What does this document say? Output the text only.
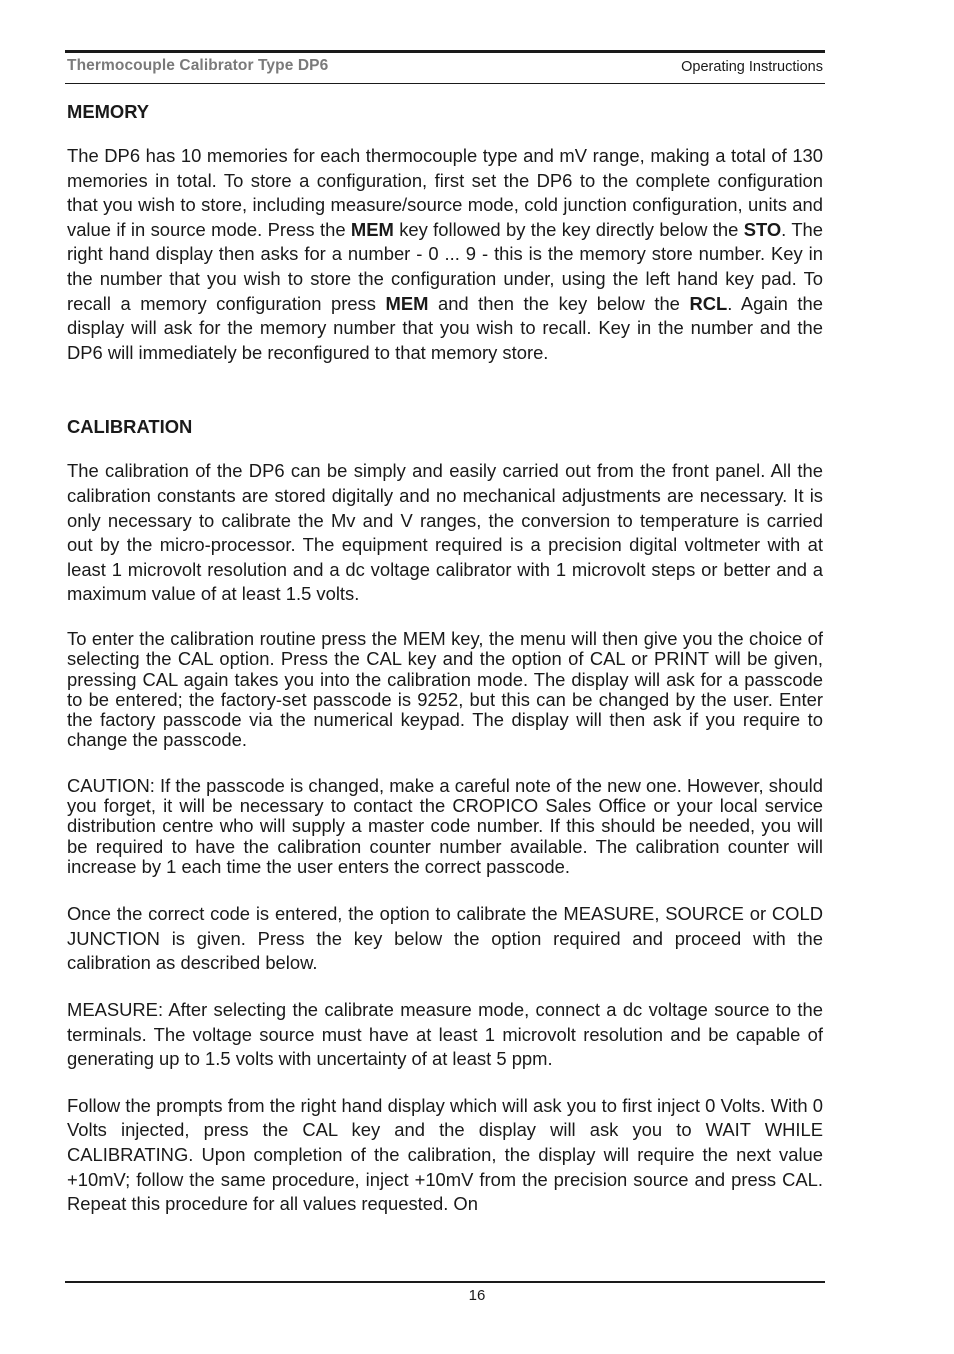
Thermocouple Calibrator Type DP6	Operating Instructions
MEMORY

The DP6 has 10 memories for each thermocouple type and mV range, making a total of 130 memories in total. To store a configuration, first set the DP6 to the complete configuration that you wish to store, including measure/source mode, cold junction configuration, units and value if in source mode. Press the MEM key followed by the key directly below the STO. The right hand display then asks for a number - 0 ... 9 - this is the memory store number. Key in the number that you wish to store the configuration under, using the left hand key pad. To recall a memory configuration press MEM and then the key below the RCL. Again the display will ask for the memory number that you wish to recall. Key in the number and the DP6 will immediately be reconfigured to that memory store.

CALIBRATION

The calibration of the DP6 can be simply and easily carried out from the front panel. All the calibration constants are stored digitally and no mechanical adjustments are necessary. It is only necessary to calibrate the Mv and V ranges, the conversion to temperature is carried out by the micro-processor. The equipment required is a precision digital voltmeter with at least 1 microvolt resolution and a dc voltage calibrator with 1 microvolt steps or better and a maximum value of at least 1.5 volts.

To enter the calibration routine press the MEM key, the menu will then give you the choice of selecting the CAL option. Press the CAL key and the option of CAL or PRINT will be given, pressing CAL again takes you into the calibration mode. The display will ask for a passcode to be entered; the factory-set passcode is 9252, but this can be changed by the user. Enter the factory passcode via the numerical keypad. The display will then ask if you require to change the passcode.

CAUTION: If the passcode is changed, make a careful note of the new one. However, should you forget, it will be necessary to contact the CROPICO Sales Office or your local service distribution centre who will supply a master code number. If this should be needed, you will be required to have the calibration counter number available. The calibration counter will increase by 1 each time the user enters the correct passcode.

Once the correct code is entered, the option to calibrate the MEASURE, SOURCE or COLD JUNCTION is given. Press the key below the option required and proceed with the calibration as described below.

MEASURE: After selecting the calibrate measure mode, connect a dc voltage source to the terminals. The voltage source must have at least 1 microvolt resolution and be capable of generating up to 1.5 volts with uncertainty of at least 5 ppm.

Follow the prompts from the right hand display which will ask you to first inject 0 Volts. With 0 Volts injected, press the CAL key and the display will ask you to WAIT WHILE CALIBRATING. Upon completion of the calibration, the display will require the next value +10mV; follow the same procedure, inject +10mV from the precision source and press CAL. Repeat this procedure for all values requested. On

16
